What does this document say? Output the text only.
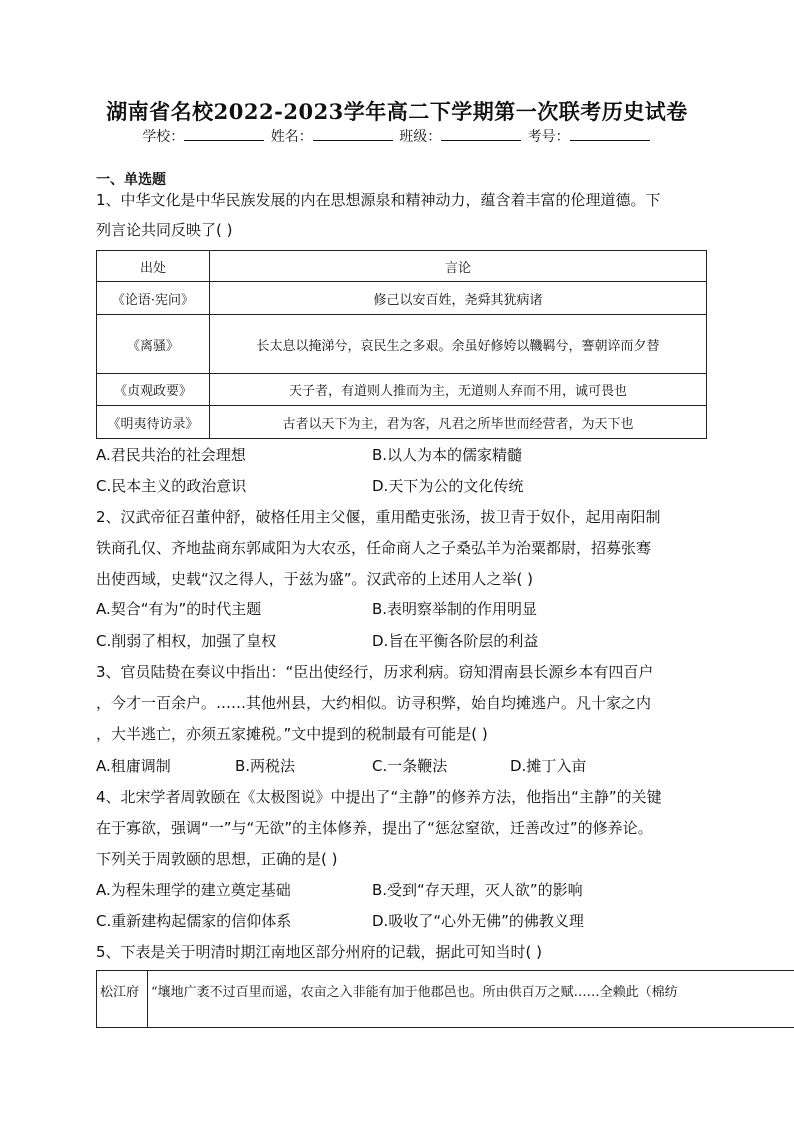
湖南省名校2022-2023学年高二下学期第一次联考历史试卷
学校：	姓名：	班级：	考号：
一、单选题
1、中华文化是中华民族发展的内在思想源泉和精神动力，蕴含着丰富的伦理道德。下
列言论共同反映了( )
出处	言论
《论语·宪问》	修己以安百姓，尧舜其犹病诸
《离骚》	长太息以掩涕兮，哀民生之多艰。余虽好修姱以鞿羁兮，謇朝谇而夕替
《贞观政要》	天子者，有道则人推而为主，无道则人弃而不用，诚可畏也
《明夷待访录》	古者以天下为主，君为客，凡君之所毕世而经营者，为天下也
A.君民共治的社会理想	B.以人为本的儒家精髓
C.民本主义的政治意识	D.天下为公的文化传统
2、汉武帝征召董仲舒，破格任用主父偃，重用酷吏张汤，拔卫青于奴仆，起用南阳制
铁商孔仅、齐地盐商东郭咸阳为大农丞，任命商人之子桑弘羊为治粟都尉，招募张骞
出使西域，史载“汉之得人，于兹为盛”。汉武帝的上述用人之举( )
A.契合“有为”的时代主题	B.表明察举制的作用明显
C.削弱了相权，加强了皇权	D.旨在平衡各阶层的利益
3、官员陆贽在奏议中指出：“臣出使经行，历求利病。窃知渭南县长源乡本有四百户
，今才一百余户。……其他州县，大约相似。访寻积弊，始自均摊逃户。凡十家之内
，大半逃亡，亦须五家摊税。”文中提到的税制最有可能是( )
A.租庸调制	B.两税法	C.一条鞭法	D.摊丁入亩
4、北宋学者周敦颐在《太极图说》中提出了“主静”的修养方法，他指出“主静”的关键
在于寡欲，强调“一”与“无欲”的主体修养，提出了“惩忿窒欲，迁善改过”的修养论。
下列关于周敦颐的思想，正确的是( )
A.为程朱理学的建立奠定基础	B.受到“存天理，灭人欲”的影响
C.重新建构起儒家的信仰体系	D.吸收了“心外无佛”的佛教义理
5、下表是关于明清时期江南地区部分州府的记载，据此可知当时( )
松江府	“壤地广袤不过百里而遥，农亩之入非能有加于他郡邑也。所由供百万之赋……全赖此（棉纺
